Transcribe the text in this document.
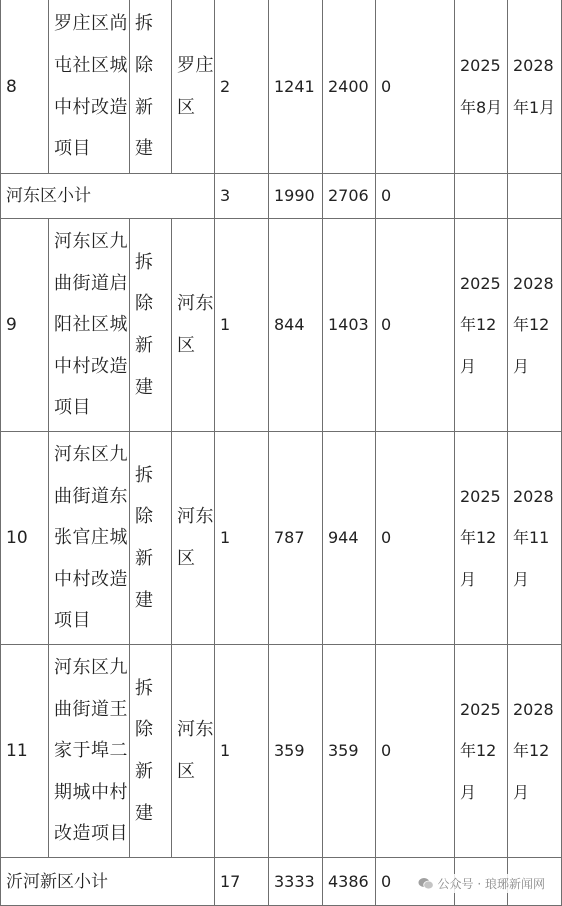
8	罗庄区尚屯社区城中村改造项目	拆除新建	罗庄区	2	1241	2400	0	2025年8月	2028年1月
河东区小计				3	1990	2706	0		
9	河东区九曲街道启阳社区城中村改造项目	拆除新建	河东区	1	844	1403	0	2025年12月	2028年12月
10	河东区九曲街道东张官庄城中村改造项目	拆除新建	河东区	1	787	944	0	2025年12月	2028年11月
11	河东区九曲街道王家于埠二期城中村改造项目	拆除新建	河东区	1	359	359	0	2025年12月	2028年12月
沂河新区小计				17	3333	4386	0			公众号 · 琅琊新闻网
